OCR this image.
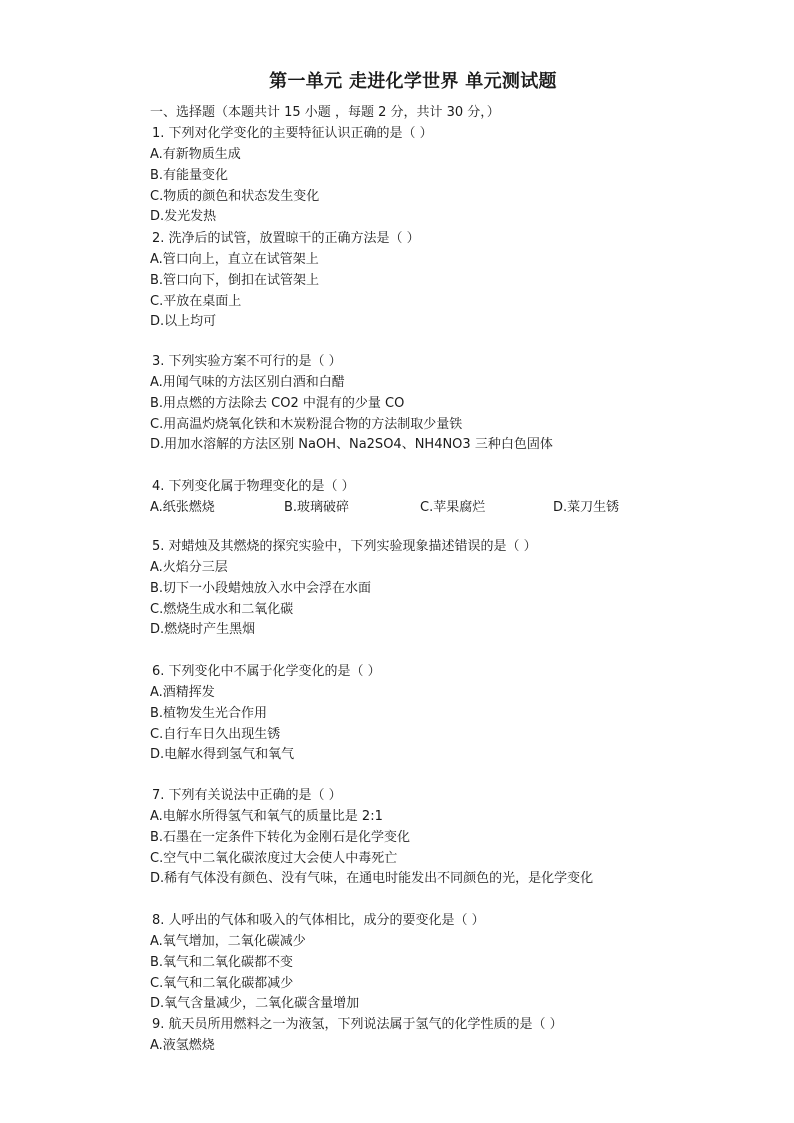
第一单元 走进化学世界 单元测试题
一、选择题（本题共计 15 小题 ，每题 2 分，共计 30 分，）
1. 下列对化学变化的主要特征认识正确的是（ ）
A.有新物质生成
B.有能量变化
C.物质的颜色和状态发生变化
D.发光发热
2. 洗净后的试管，放置晾干的正确方法是（ ）
A.管口向上，直立在试管架上
B.管口向下，倒扣在试管架上
C.平放在桌面上
D.以上均可
3. 下列实验方案不可行的是（ ）
A.用闻气味的方法区别白酒和白醋
B.用点燃的方法除去 CO2 中混有的少量 CO
C.用高温灼烧氧化铁和木炭粉混合物的方法制取少量铁
D.用加水溶解的方法区别 NaOH、Na2SO4、NH4NO3 三种白色固体
4. 下列变化属于物理变化的是（ ）
A.纸张燃烧	B.玻璃破碎	C.苹果腐烂	D.菜刀生锈
5. 对蜡烛及其燃烧的探究实验中，下列实验现象描述错误的是（ ）
A.火焰分三层
B.切下一小段蜡烛放入水中会浮在水面
C.燃烧生成水和二氧化碳
D.燃烧时产生黑烟
6. 下列变化中不属于化学变化的是（ ）
A.酒精挥发
B.植物发生光合作用
C.自行车日久出现生锈
D.电解水得到氢气和氧气
7. 下列有关说法中正确的是（ ）
A.电解水所得氢气和氧气的质量比是 2:1
B.石墨在一定条件下转化为金刚石是化学变化
C.空气中二氧化碳浓度过大会使人中毒死亡
D.稀有气体没有颜色、没有气味，在通电时能发出不同颜色的光，是化学变化
8. 人呼出的气体和吸入的气体相比，成分的要变化是（ ）
A.氧气增加，二氧化碳减少
B.氧气和二氧化碳都不变
C.氧气和二氧化碳都减少
D.氧气含量减少，二氧化碳含量增加
9. 航天员所用燃料之一为液氢，下列说法属于氢气的化学性质的是（ ）
A.液氢燃烧
